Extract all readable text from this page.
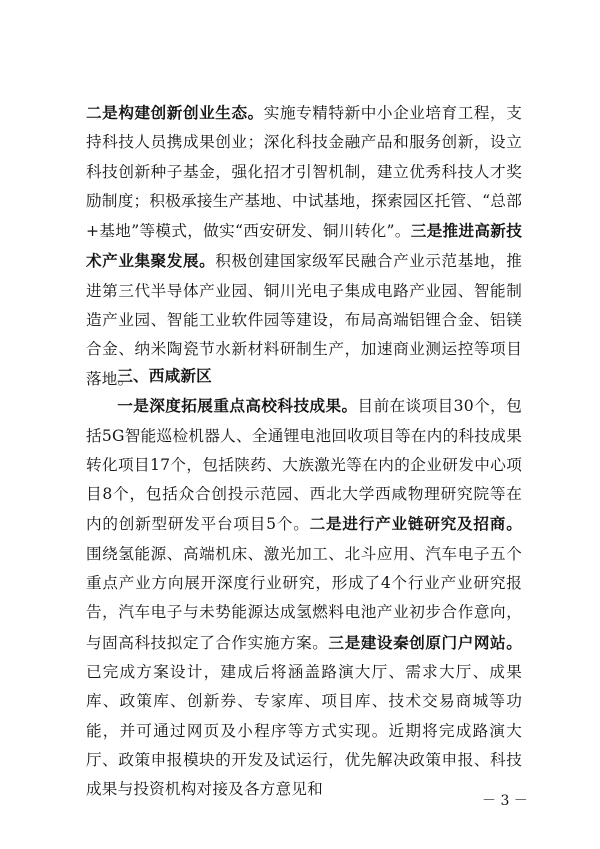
二是构建创新创业生态。实施专精特新中小企业培育工程，支持科技人员携成果创业；深化科技金融产品和服务创新，设立科技创新种子基金，强化招才引智机制，建立优秀科技人才奖励制度；积极承接生产基地、中试基地，探索园区托管、“总部+基地”等模式，做实“西安研发、铜川转化”。三是推进高新技术产业集聚发展。积极创建国家级军民融合产业示范基地，推进第三代半导体产业园、铜川光电子集成电路产业园、智能制造产业园、智能工业软件园等建设，布局高端铝锂合金、铝镁合金、纳米陶瓷节水新材料研制生产，加速商业测运控等项目落地。

三、西咸新区

一是深度拓展重点高校科技成果。目前在谈项目30个，包括5G智能巡检机器人、全通锂电池回收项目等在内的科技成果转化项目17个，包括陕药、大族激光等在内的企业研发中心项目8个，包括众合创投示范园、西北大学西咸物理研究院等在内的创新型研发平台项目5个。二是进行产业链研究及招商。围绕氢能源、高端机床、激光加工、北斗应用、汽车电子五个重点产业方向展开深度行业研究，形成了4个行业产业研究报告，汽车电子与未势能源达成氢燃料电池产业初步合作意向，与固高科技拟定了合作实施方案。三是建设秦创原门户网站。已完成方案设计，建成后将涵盖路演大厅、需求大厅、成果库、政策库、创新券、专家库、项目库、技术交易商城等功能，并可通过网页及小程序等方式实现。近期将完成路演大厅、政策申报模块的开发及试运行，优先解决政策申报、科技成果与投资机构对接及各方意见和

－ 3 －
